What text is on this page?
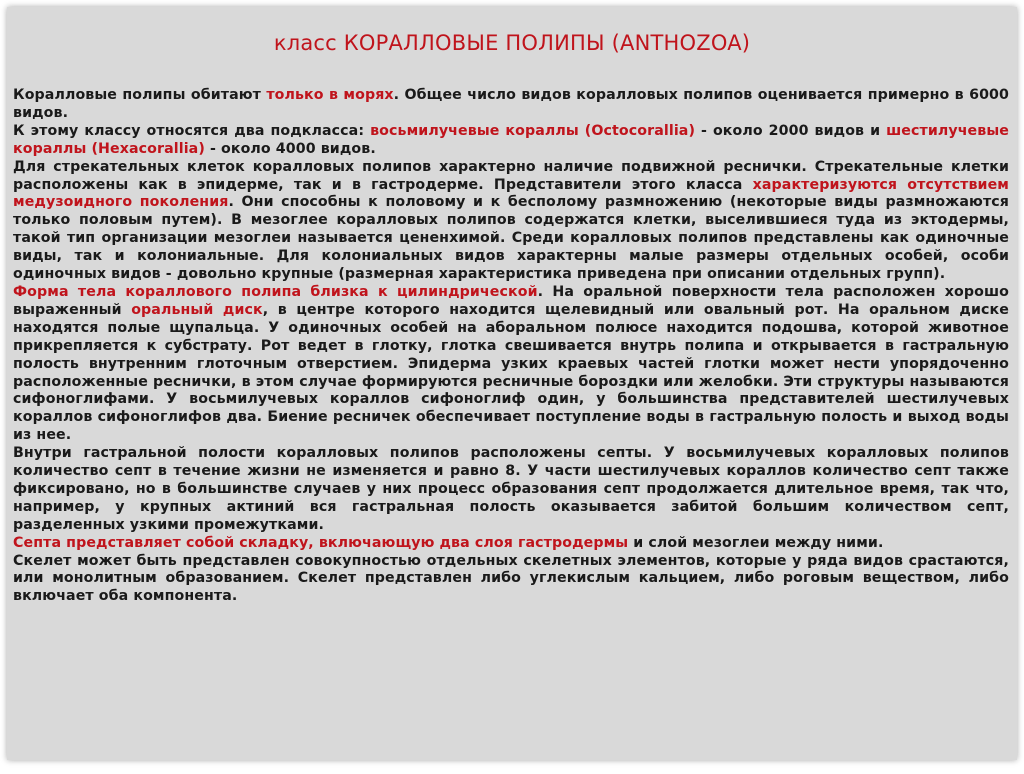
класс КОРАЛЛОВЫЕ ПОЛИПЫ (ANTHOZOA)

Коралловые полипы обитают только в морях. Общее число видов коралловых полипов оценивается примерно в 6000 видов.

К этому классу относятся два подкласса: восьмилучевые кораллы (Octocorallia) - около 2000 видов и шестилучевые кораллы (Hexacorallia) - около 4000 видов.

Для стрекательных клеток коралловых полипов характерно наличие подвижной реснички. Стрекательные клетки расположены как в эпидерме, так и в гастродерме. Представители этого класса характеризуются отсутствием медузоидного поколения. Они способны к половому и к бесполому размножению (некоторые виды размножаются только половым путем). В мезоглее коралловых полипов содержатся клетки, выселившиеся туда из эктодермы, такой тип организации мезоглеи называется цененхимой. Среди коралловых полипов представлены как одиночные виды, так и колониальные. Для колониальных видов характерны малые размеры отдельных особей, особи одиночных видов - довольно крупные (размерная характеристика приведена при описании отдельных групп).

Форма тела кораллового полипа близка к цилиндрической. На оральной поверхности тела расположен хорошо выраженный оральный диск, в центре которого находится щелевидный или овальный рот. На оральном диске находятся полые щупальца. У одиночных особей на аборальном полюсе находится подошва, которой животное прикрепляется к субстрату. Рот ведет в глотку, глотка свешивается внутрь полипа и открывается в гастральную полость внутренним глоточным отверстием. Эпидерма узких краевых частей глотки может нести упорядоченно расположенные реснички, в этом случае формируются ресничные бороздки или желобки. Эти структуры называются сифоноглифами. У восьмилучевых кораллов сифоноглиф один, у большинства представителей шестилучевых кораллов сифоноглифов два. Биение ресничек обеспечивает поступление воды в гастральную полость и выход воды из нее.

Внутри гастральной полости коралловых полипов расположены септы. У восьмилучевых коралловых полипов количество септ в течение жизни не изменяется и равно 8. У части шестилучевых кораллов количество септ также фиксировано, но в большинстве случаев у них процесс образования септ продолжается длительное время, так что, например, у крупных актиний вся гастральная полость оказывается забитой большим количеством септ, разделенных узкими промежутками.

Септа представляет собой складку, включающую два слоя гастродермы и слой мезоглеи между ними.

Скелет может быть представлен совокупностью отдельных скелетных элементов, которые у ряда видов срастаются, или монолитным образованием. Скелет представлен либо углекислым кальцием, либо роговым веществом, либо включает оба компонента.
